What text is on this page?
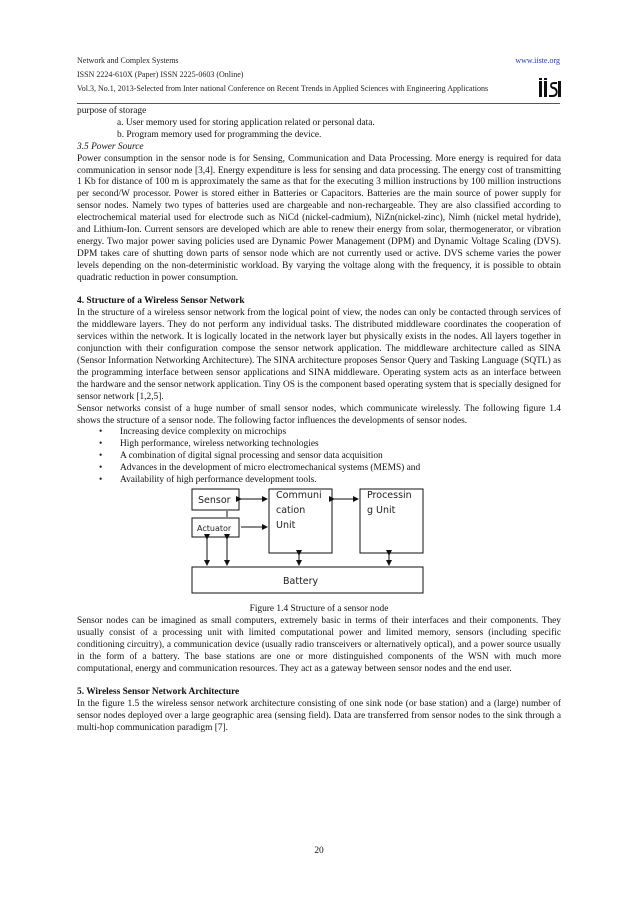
Network and Complex Systems	www.iiste.org
ISSN 2224-610X (Paper) ISSN 2225-0603 (Online)
Vol.3, No.1, 2013-Selected from Inter national Conference on Recent Trends in Applied Sciences with Engineering Applications
purpose of storage
a. User memory used for storing application related or personal data.
b. Program memory used for programming the device.
3.5 Power Source
Power consumption in the sensor node is for Sensing, Communication and Data Processing. More energy is required for data communication in sensor node [3,4]. Energy expenditure is less for sensing and data processing. The energy cost of transmitting 1 Kb for distance of 100 m is approximately the same as that for the executing 3 million instructions by 100 million instructions per second/W processor. Power is stored either in Batteries or Capacitors. Batteries are the main source of power supply for sensor nodes. Namely two types of batteries used are chargeable and non-rechargeable. They are also classified according to electrochemical material used for electrode such as NiCd (nickel-cadmium), NiZn(nickel-zinc), Nimh (nickel metal hydride), and Lithium-Ion. Current sensors are developed which are able to renew their energy from solar, thermogenerator, or vibration energy. Two major power saving policies used are Dynamic Power Management (DPM) and Dynamic Voltage Scaling (DVS). DPM takes care of shutting down parts of sensor node which are not currently used or active. DVS scheme varies the power levels depending on the non-deterministic workload. By varying the voltage along with the frequency, it is possible to obtain quadratic reduction in power consumption.
4. Structure of a Wireless Sensor Network
In the structure of a wireless sensor network from the logical point of view, the nodes can only be contacted through services of the middleware layers. They do not perform any individual tasks. The distributed middleware coordinates the cooperation of services within the network. It is logically located in the network layer but physically exists in the nodes. All layers together in conjunction with their configuration compose the sensor network application. The middleware architecture called as SINA (Sensor Information Networking Architecture). The SINA architecture proposes Sensor Query and Tasking Language (SQTL) as the programming interface between sensor applications and SINA middleware. Operating system acts as an interface between the hardware and the sensor network application. Tiny OS is the component based operating system that is specially designed for sensor network [1,2,5].
Sensor networks consist of a huge number of small sensor nodes, which communicate wirelessly. The following figure 1.4 shows the structure of a sensor node. The following factor influences the developments of sensor nodes.
• Increasing device complexity on microchips
• High performance, wireless networking technologies
• A combination of digital signal processing and sensor data acquisition
• Advances in the development of micro electromechanical systems (MEMS) and
• Availability of high performance development tools.
Sensor
Actuator
Communi
cation
Unit
Processin
g Unit
Battery
Figure 1.4 Structure of a sensor node
Sensor nodes can be imagined as small computers, extremely basic in terms of their interfaces and their components. They usually consist of a processing unit with limited computational power and limited memory, sensors (including specific conditioning circuitry), a communication device (usually radio transceivers or alternatively optical), and a power source usually in the form of a battery. The base stations are one or more distinguished components of the WSN with much more computational, energy and communication resources. They act as a gateway between sensor nodes and the end user.
5. Wireless Sensor Network Architecture
In the figure 1.5 the wireless sensor network architecture consisting of one sink node (or base station) and a (large) number of sensor nodes deployed over a large geographic area (sensing field). Data are transferred from sensor nodes to the sink through a multi-hop communication paradigm [7].
20
